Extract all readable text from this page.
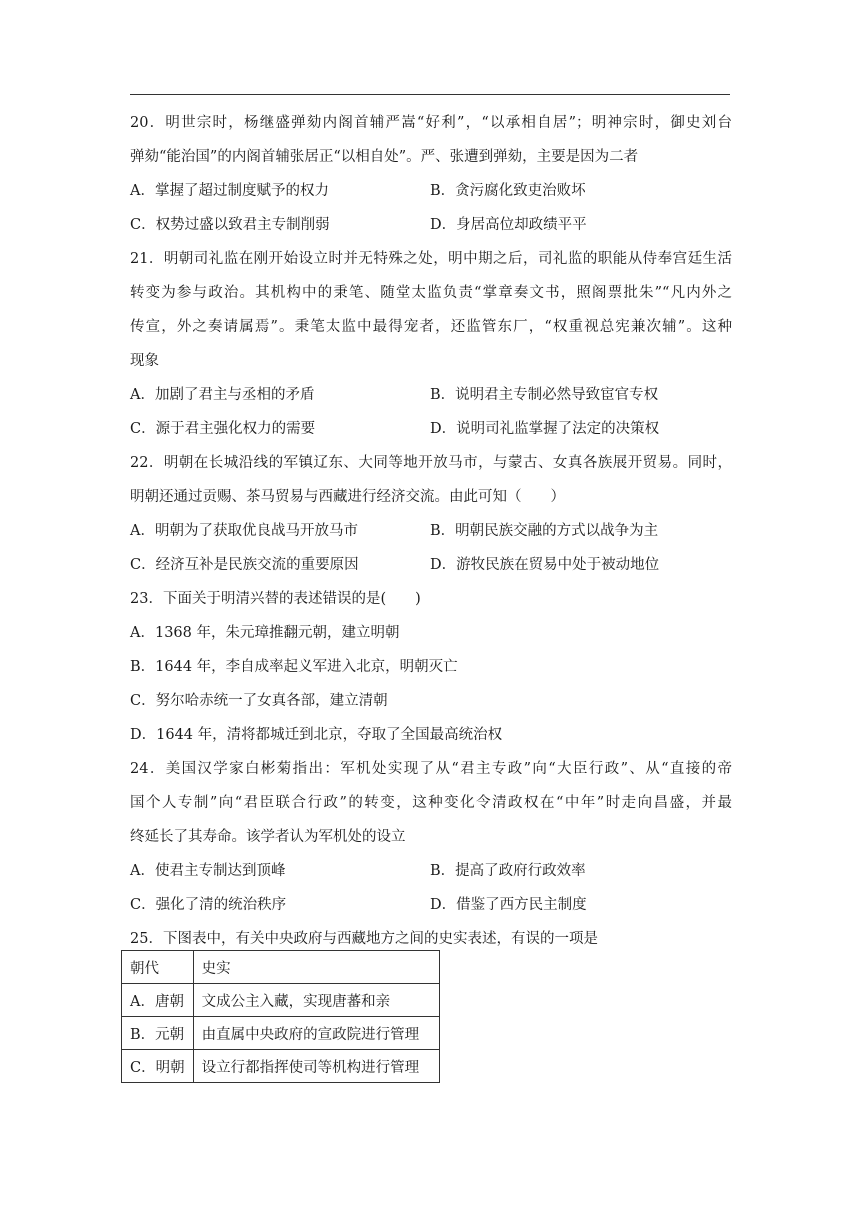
20．明世宗时，杨继盛弹劾内阁首辅严嵩“好利”，“以承相自居”；明神宗时，御史刘台
弹劾“能治国”的内阁首辅张居正“以相自处”。严、张遭到弹劾，主要是因为二者
A．掌握了超过制度赋予的权力	B．贪污腐化致吏治败坏
C．权势过盛以致君主专制削弱	D．身居高位却政绩平平
21．明朝司礼监在刚开始设立时并无特殊之处，明中期之后，司礼监的职能从侍奉宫廷生活
转变为参与政治。其机构中的秉笔、随堂太监负责“掌章奏文书，照阁票批朱”“凡内外之
传宣，外之奏请属焉”。秉笔太监中最得宠者，还监管东厂，“权重视总宪兼次辅”。这种
现象
A．加剧了君主与丞相的矛盾	B．说明君主专制必然导致宦官专权
C．源于君主强化权力的需要	D．说明司礼监掌握了法定的决策权
22．明朝在长城沿线的军镇辽东、大同等地开放马市，与蒙古、女真各族展开贸易。同时，
明朝还通过贡赐、茶马贸易与西藏进行经济交流。由此可知（　　）
A．明朝为了获取优良战马开放马市	B．明朝民族交融的方式以战争为主
C．经济互补是民族交流的重要原因	D．游牧民族在贸易中处于被动地位
23．下面关于明清兴替的表述错误的是(　　)
A．1368 年，朱元璋推翻元朝，建立明朝
B．1644 年，李自成率起义军进入北京，明朝灭亡
C．努尔哈赤统一了女真各部，建立清朝
D．1644 年，清将都城迁到北京，夺取了全国最高统治权
24．美国汉学家白彬菊指出：军机处实现了从“君主专政”向“大臣行政”、从“直接的帝
国个人专制”向“君臣联合行政”的转变，这种变化令清政权在“中年”时走向昌盛，并最
终延长了其寿命。该学者认为军机处的设立
A．使君主专制达到顶峰	B．提高了政府行政效率
C．强化了清的统治秩序	D．借鉴了西方民主制度
25．下图表中，有关中央政府与西藏地方之间的史实表述，有误的一项是
朝代	史实
A．唐朝	文成公主入藏，实现唐蕃和亲
B．元朝	由直属中央政府的宣政院进行管理
C．明朝	设立行都指挥使司等机构进行管理
